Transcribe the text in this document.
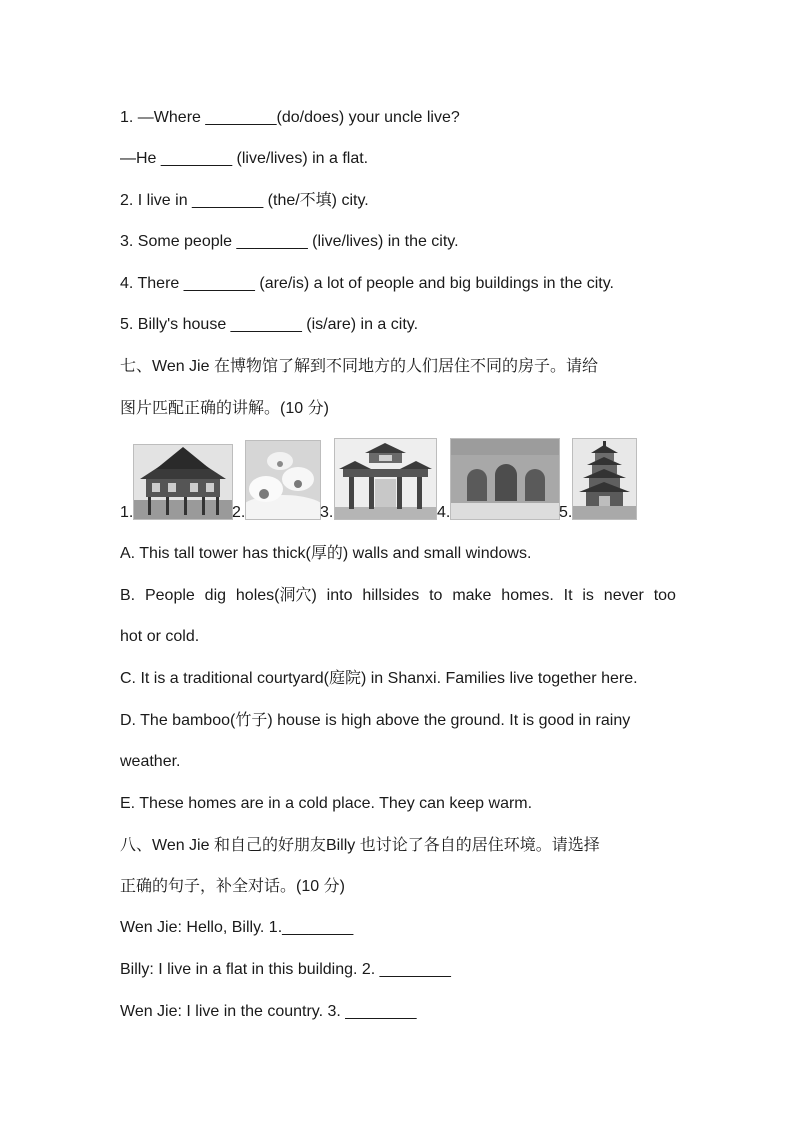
1. —Where ________(do/does) your uncle live?
—He ________ (live/lives) in a flat.
2. I live in ________ (the/不填) city.
3. Some people ________ (live/lives) in the city.
4. There ________ (are/is) a lot of people and big buildings in the city.
5. Billy's house ________ (is/are) in a city.
七、Wen Jie 在博物馆了解到不同地方的人们居住不同的房子。请给
图片匹配正确的讲解。(10 分)
1.	2.	3.	4.	5.
A. This tall tower has thick(厚的) walls and small windows.
B. People dig holes(洞穴) into hillsides to make homes. It is never too
hot or cold.
C. It is a traditional courtyard(庭院) in Shanxi. Families live together here.
D. The bamboo(竹子) house is high above the ground. It is good in rainy
weather.
E. These homes are in a cold place. They can keep warm.
八、Wen Jie 和自己的好朋友Billy 也讨论了各自的居住环境。请选择
正确的句子，补全对话。(10 分)
Wen Jie: Hello, Billy. 1.________
Billy: I live in a flat in this building. 2. ________
Wen Jie: I live in the country. 3. ________
